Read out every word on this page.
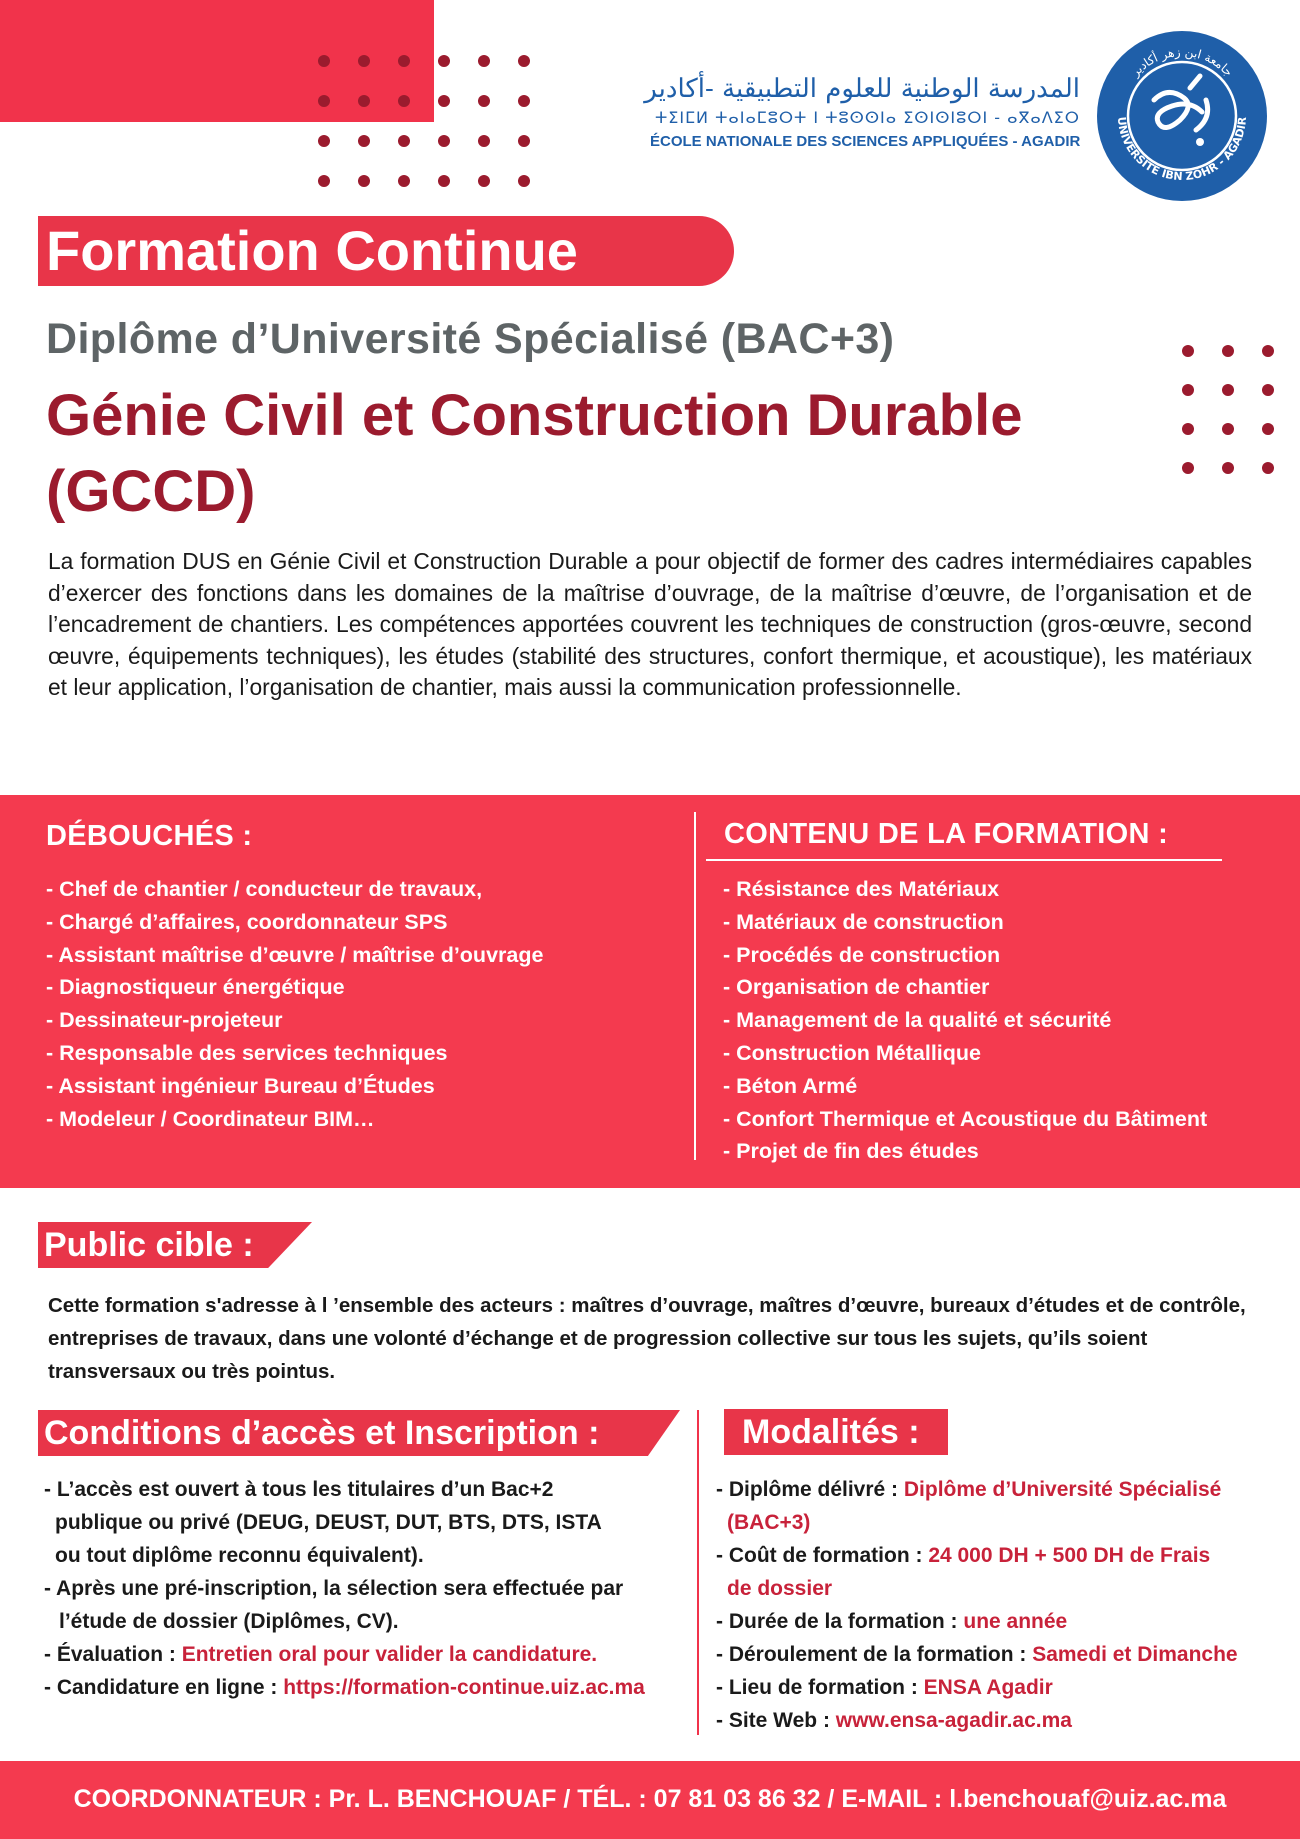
المدرسة الوطنية للعلوم التطبيقية -أكادير
ⵜⵉⵏⵎⵍ ⵜⴰⵏⴰⵎⵓⵔⵜ ⵏ ⵜⵓⵙⵙⵏⴰ ⵉⵙⵏⵙⵏⵓⵔⵏ - ⴰⴳⴰⴷⵉⵔ
ÉCOLE NATIONALE DES SCIENCES APPLIQUÉES - AGADIR
UNIVERSITÉ IBN ZOHR - AGADIR
جامعة ابن زهر أكادير
Formation Continue
Diplôme d’Université Spécialisé (BAC+3)
Génie Civil et Construction Durable (GCCD)

La formation DUS en Génie Civil et Construction Durable a pour objectif de former des cadres intermédiaires capables d’exercer des fonctions dans les domaines de la maîtrise d’ouvrage, de la maîtrise d’œuvre, de l’organisation et de l’encadrement de chantiers. Les compétences apportées couvrent les techniques de construction (gros-œuvre, second œuvre, équipements techniques), les études (stabilité des structures, confort thermique, et acoustique), les matériaux et leur application, l’organisation de chantier, mais aussi la communication professionnelle.

DÉBOUCHÉS :	CONTENU DE LA FORMATION :
- Chef de chantier / conducteur de travaux,
- Chargé d’affaires, coordonnateur SPS
- Assistant maîtrise d’œuvre / maîtrise d’ouvrage
- Diagnostiqueur énergétique
- Dessinateur-projeteur
- Responsable des services techniques
- Assistant ingénieur Bureau d’Études
- Modeleur / Coordinateur BIM…
- Résistance des Matériaux
- Matériaux de construction
- Procédés de construction
- Organisation de chantier
- Management de la qualité et sécurité
- Construction Métallique
- Béton Armé
- Confort Thermique et Acoustique du Bâtiment
- Projet de fin des études
Public cible :

Cette formation s'adresse à l ’ensemble des acteurs : maîtres d’ouvrage, maîtres d’œuvre, bureaux d’études et de contrôle, entreprises de travaux, dans une volonté d’échange et de progression collective sur tous les sujets, qu’ils soient transversaux ou très pointus.

Conditions d’accès et Inscription :
- L’accès est ouvert à tous les titulaires d’un Bac+2
publique ou privé (DEUG, DEUST, DUT, BTS, DTS, ISTA
ou tout diplôme reconnu équivalent).
- Après une pré-inscription, la sélection sera effectuée par
l’étude de dossier (Diplômes, CV).
- Évaluation : Entretien oral pour valider la candidature.
- Candidature en ligne : https://formation-continue.uiz.ac.ma
Modalités :
- Diplôme délivré : Diplôme d’Université Spécialisé
(BAC+3)
- Coût de formation : 24 000 DH + 500 DH de Frais
de dossier
- Durée de la formation : une année
- Déroulement de la formation : Samedi et Dimanche
- Lieu de formation : ENSA Agadir
- Site Web : www.ensa-agadir.ac.ma
COORDONNATEUR : Pr. L. BENCHOUAF / TÉL. : 07 81 03 86 32 / E-MAIL : l.benchouaf@uiz.ac.ma
